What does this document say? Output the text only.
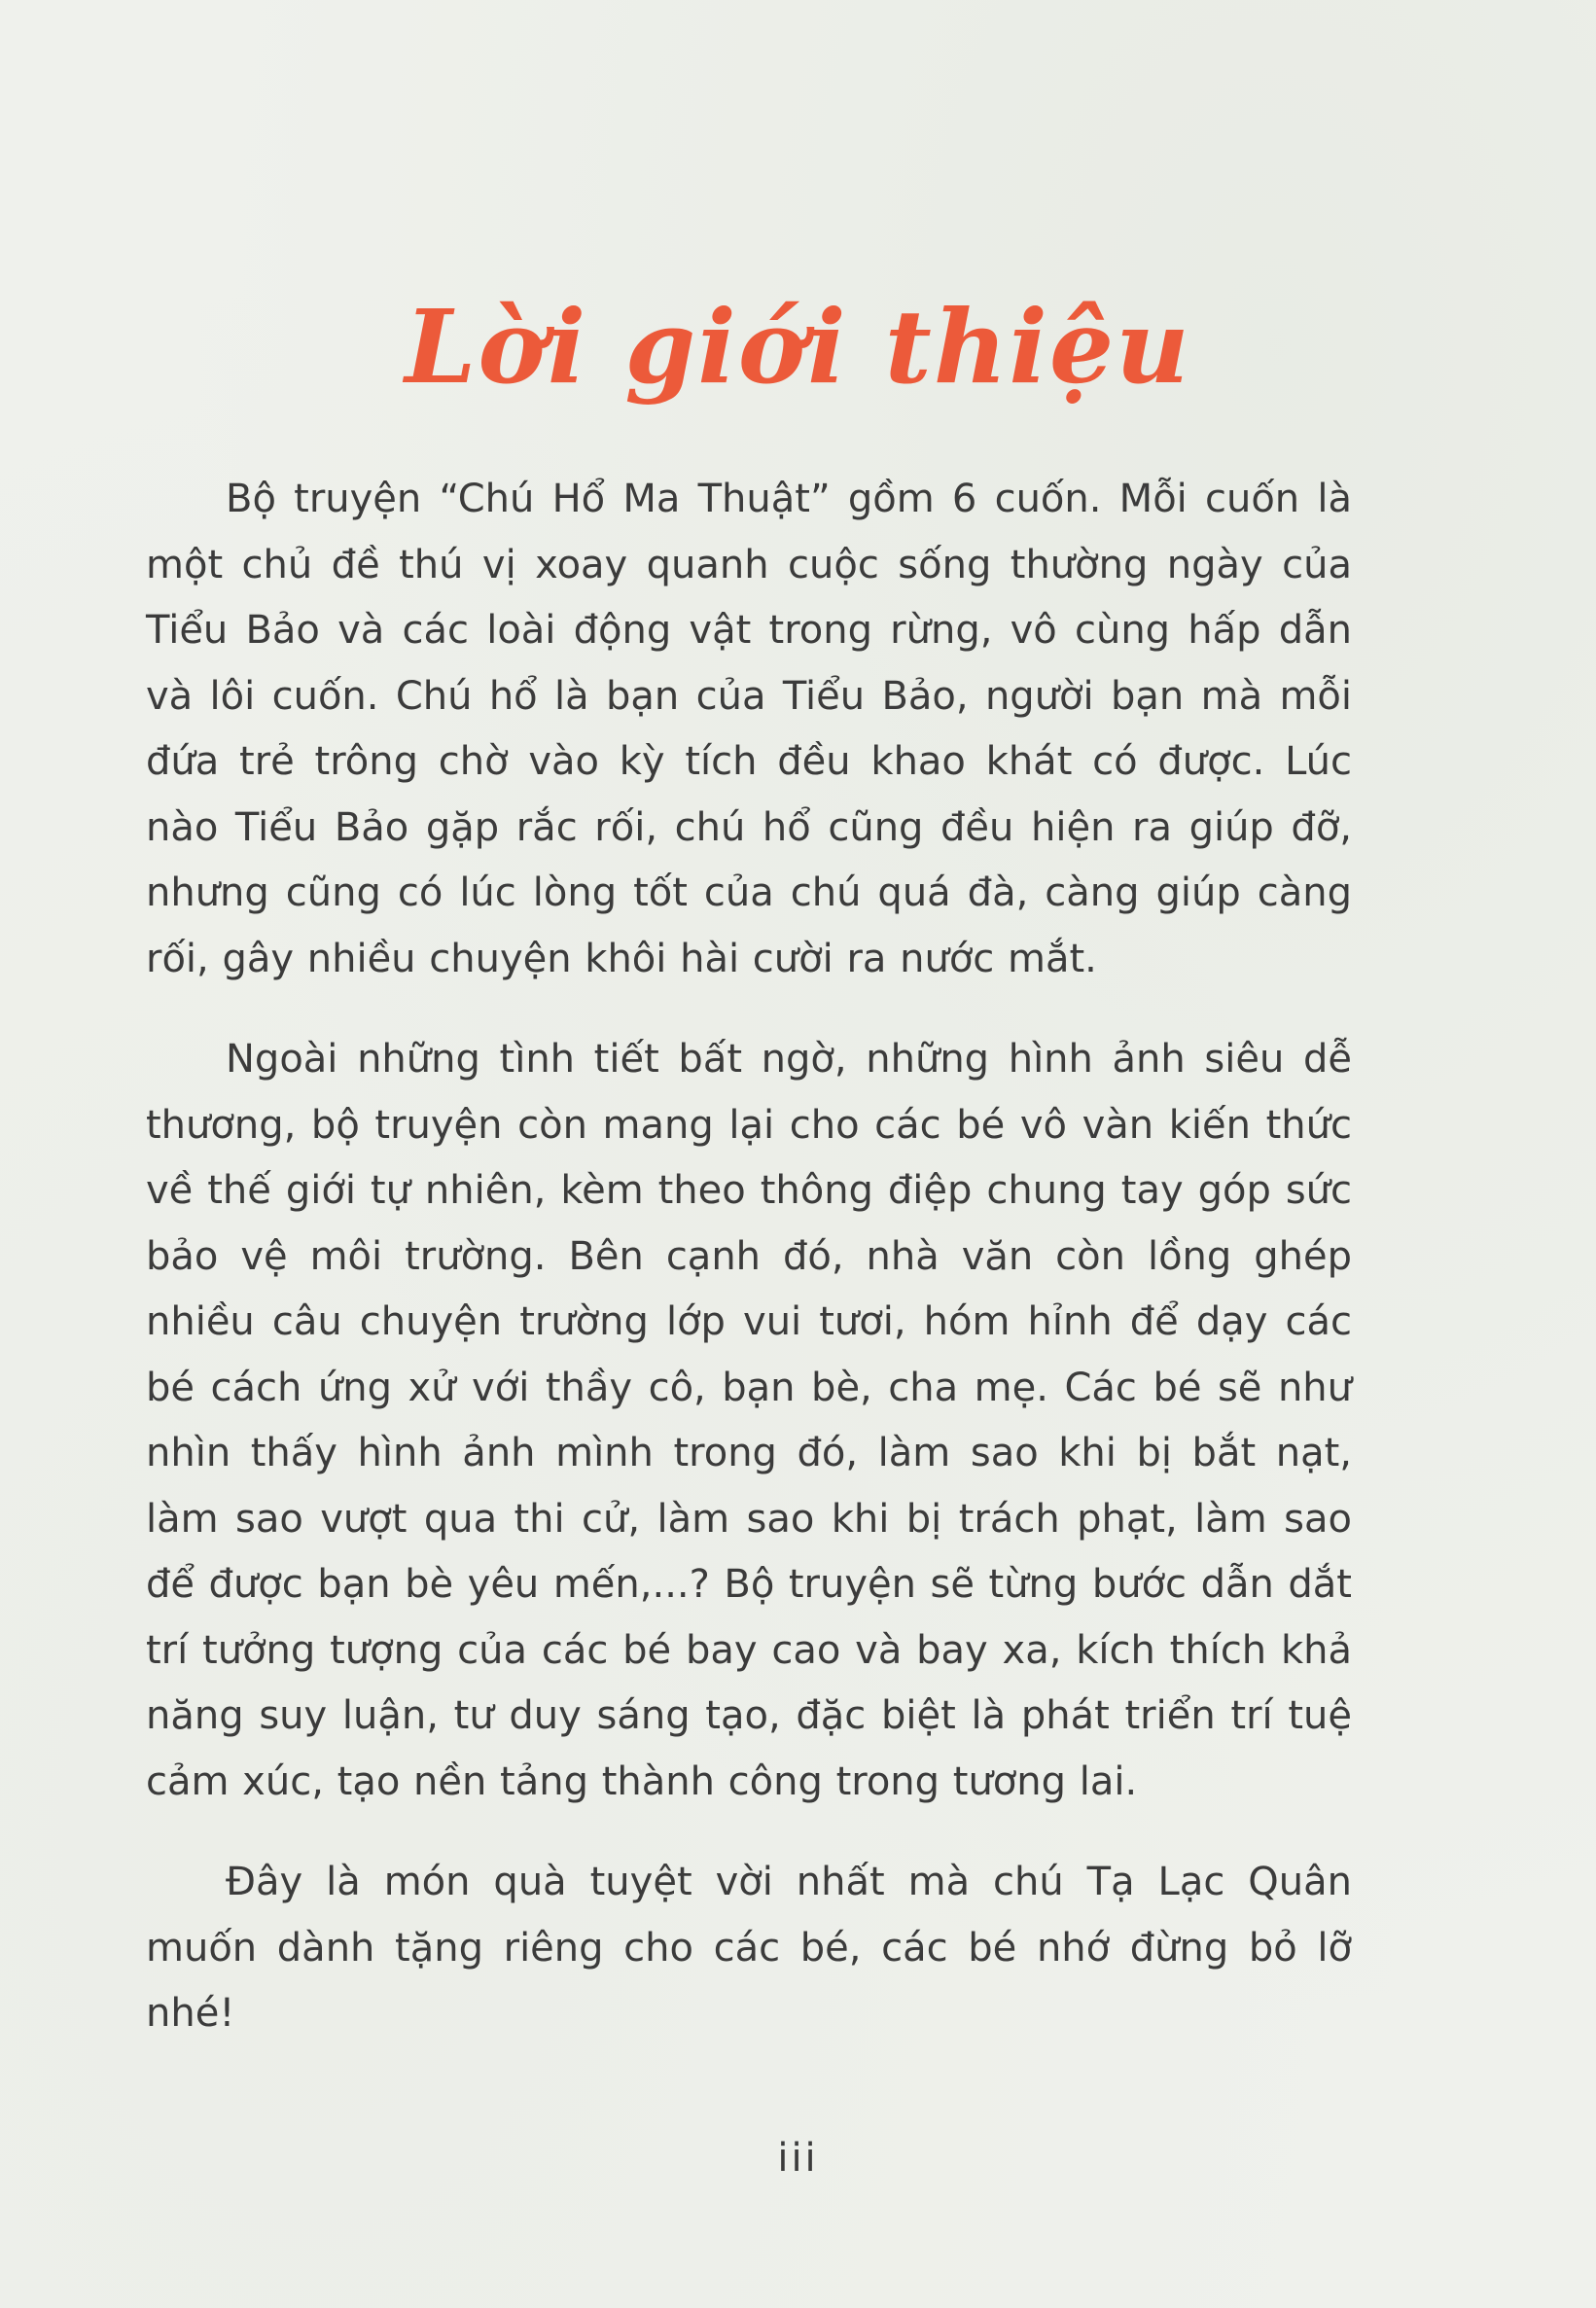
Lời giới thiệu

Bộ truyện “Chú Hổ Ma Thuật” gồm 6 cuốn. Mỗi cuốn là một chủ đề thú vị xoay quanh cuộc sống thường ngày của Tiểu Bảo và các loài động vật trong rừng, vô cùng hấp dẫn và lôi cuốn. Chú hổ là bạn của Tiểu Bảo, người bạn mà mỗi đứa trẻ trông chờ vào kỳ tích đều khao khát có được. Lúc nào Tiểu Bảo gặp rắc rối, chú hổ cũng đều hiện ra giúp đỡ, nhưng cũng có lúc lòng tốt của chú quá đà, càng giúp càng rối, gây nhiều chuyện khôi hài cười ra nước mắt.

Ngoài những tình tiết bất ngờ, những hình ảnh siêu dễ thương, bộ truyện còn mang lại cho các bé vô vàn kiến thức về thế giới tự nhiên, kèm theo thông điệp chung tay góp sức bảo vệ môi trường. Bên cạnh đó, nhà văn còn lồng ghép nhiều câu chuyện trường lớp vui tươi, hóm hỉnh để dạy các bé cách ứng xử với thầy cô, bạn bè, cha mẹ. Các bé sẽ như nhìn thấy hình ảnh mình trong đó, làm sao khi bị bắt nạt, làm sao vượt qua thi cử, làm sao khi bị trách phạt, làm sao để được bạn bè yêu mến,...? Bộ truyện sẽ từng bước dẫn dắt trí tưởng tượng của các bé bay cao và bay xa, kích thích khả năng suy luận, tư duy sáng tạo, đặc biệt là phát triển trí tuệ cảm xúc, tạo nền tảng thành công trong tương lai.

Đây là món quà tuyệt vời nhất mà chú Tạ Lạc Quân muốn dành tặng riêng cho các bé, các bé nhớ đừng bỏ lỡ nhé!

iii
